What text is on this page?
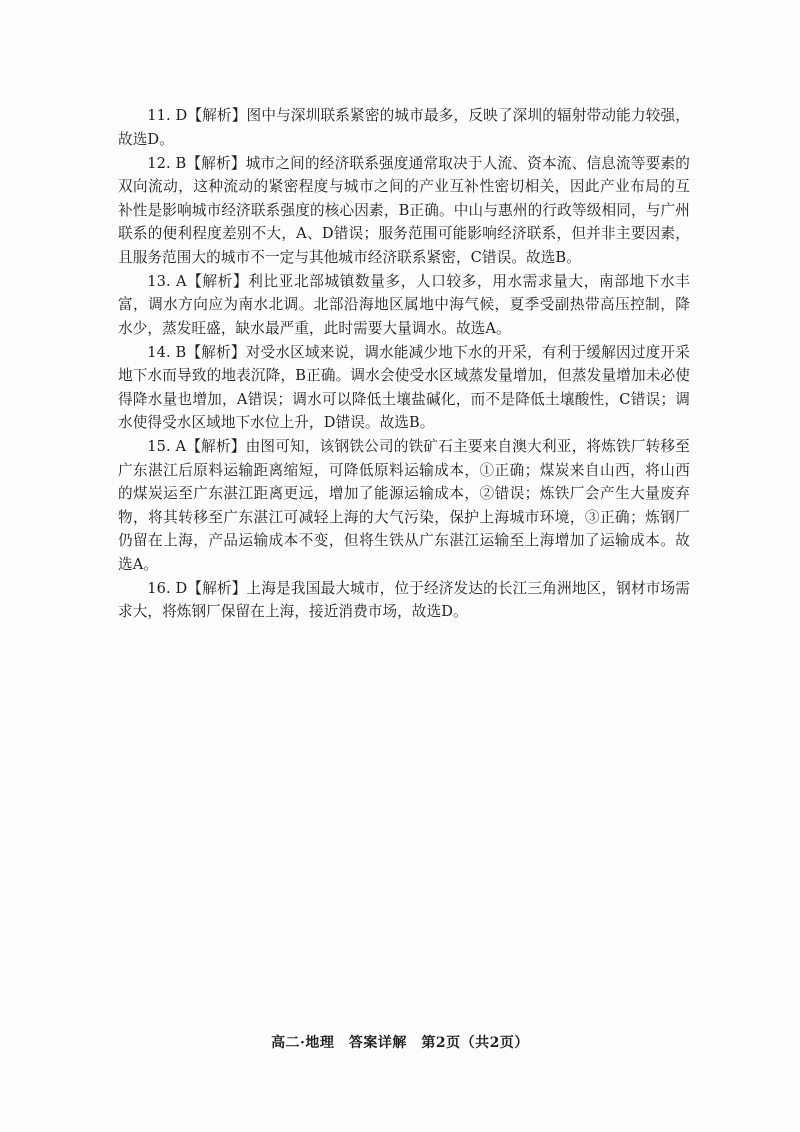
11. D【解析】图中与深圳联系紧密的城市最多，反映了深圳的辐射带动能力较强，故选D。

12. B【解析】城市之间的经济联系强度通常取决于人流、资本流、信息流等要素的双向流动，这种流动的紧密程度与城市之间的产业互补性密切相关，因此产业布局的互补性是影响城市经济联系强度的核心因素，B正确。中山与惠州的行政等级相同，与广州联系的便利程度差别不大，A、D错误；服务范围可能影响经济联系，但并非主要因素，且服务范围大的城市不一定与其他城市经济联系紧密，C错误。故选B。

13. A【解析】利比亚北部城镇数量多，人口较多，用水需求量大，南部地下水丰富，调水方向应为南水北调。北部沿海地区属地中海气候，夏季受副热带高压控制，降水少，蒸发旺盛，缺水最严重，此时需要大量调水。故选A。

14. B【解析】对受水区域来说，调水能减少地下水的开采，有利于缓解因过度开采地下水而导致的地表沉降，B正确。调水会使受水区域蒸发量增加，但蒸发量增加未必使得降水量也增加，A错误；调水可以降低土壤盐碱化，而不是降低土壤酸性，C错误；调水使得受水区域地下水位上升，D错误。故选B。

15. A【解析】由图可知，该钢铁公司的铁矿石主要来自澳大利亚，将炼铁厂转移至广东湛江后原料运输距离缩短，可降低原料运输成本，①正确；煤炭来自山西，将山西的煤炭运至广东湛江距离更远，增加了能源运输成本，②错误；炼铁厂会产生大量废弃物，将其转移至广东湛江可减轻上海的大气污染，保护上海城市环境，③正确；炼钢厂仍留在上海，产品运输成本不变，但将生铁从广东湛江运输至上海增加了运输成本。故选A。

16. D【解析】上海是我国最大城市，位于经济发达的长江三角洲地区，钢材市场需求大，将炼钢厂保留在上海，接近消费市场，故选D。

高二·地理　答案详解　第2页（共2页）
